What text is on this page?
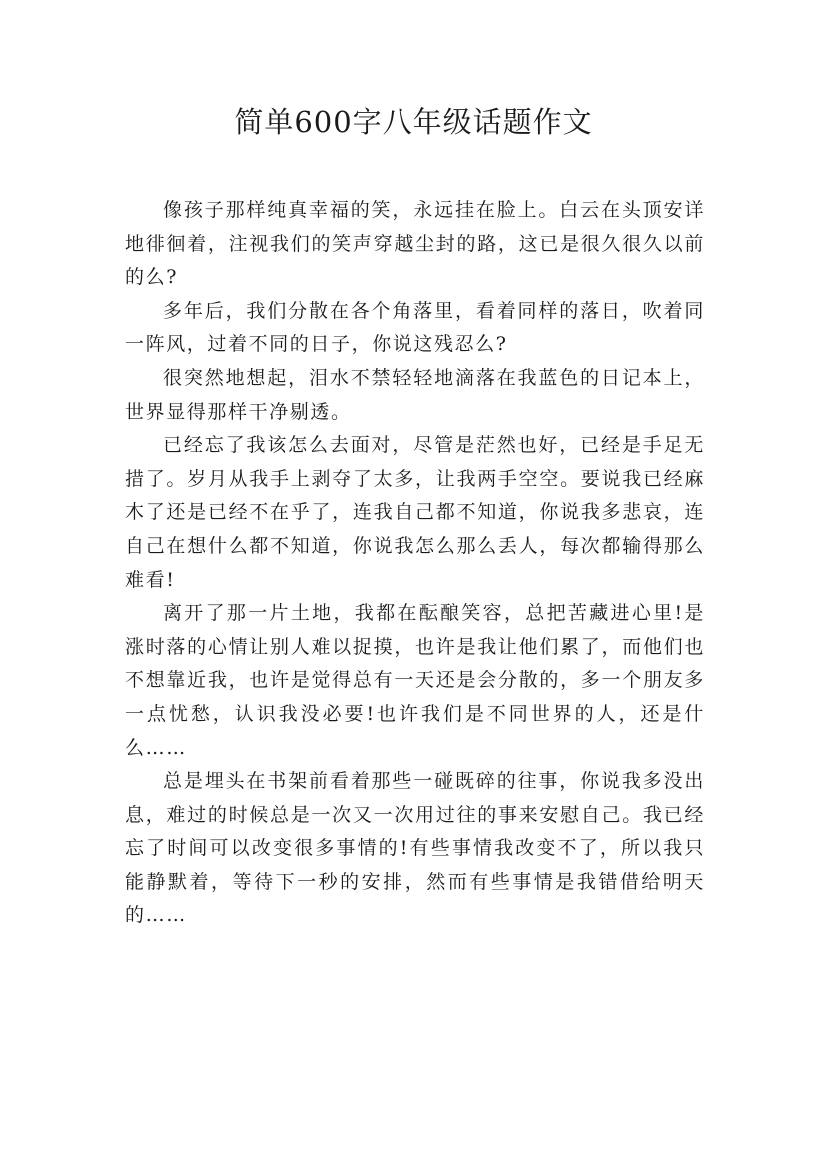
简单600字八年级话题作文

像孩子那样纯真幸福的笑，永远挂在脸上。白云在头顶安详地徘徊着，注视我们的笑声穿越尘封的路，这已是很久很久以前的么?

多年后，我们分散在各个角落里，看着同样的落日，吹着同一阵风，过着不同的日子，你说这残忍么?

很突然地想起，泪水不禁轻轻地滴落在我蓝色的日记本上，世界显得那样干净剔透。

已经忘了我该怎么去面对，尽管是茫然也好，已经是手足无措了。岁月从我手上剥夺了太多，让我两手空空。要说我已经麻木了还是已经不在乎了，连我自己都不知道，你说我多悲哀，连自己在想什么都不知道，你说我怎么那么丢人，每次都输得那么难看!

离开了那一片土地，我都在酝酿笑容，总把苦藏进心里!是涨时落的心情让别人难以捉摸，也许是我让他们累了，而他们也不想靠近我，也许是觉得总有一天还是会分散的，多一个朋友多一点忧愁，认识我没必要!也许我们是不同世界的人，还是什么……

总是埋头在书架前看着那些一碰既碎的往事，你说我多没出息，难过的时候总是一次又一次用过往的事来安慰自己。我已经忘了时间可以改变很多事情的!有些事情我改变不了，所以我只能静默着，等待下一秒的安排，然而有些事情是我错借给明天的……
